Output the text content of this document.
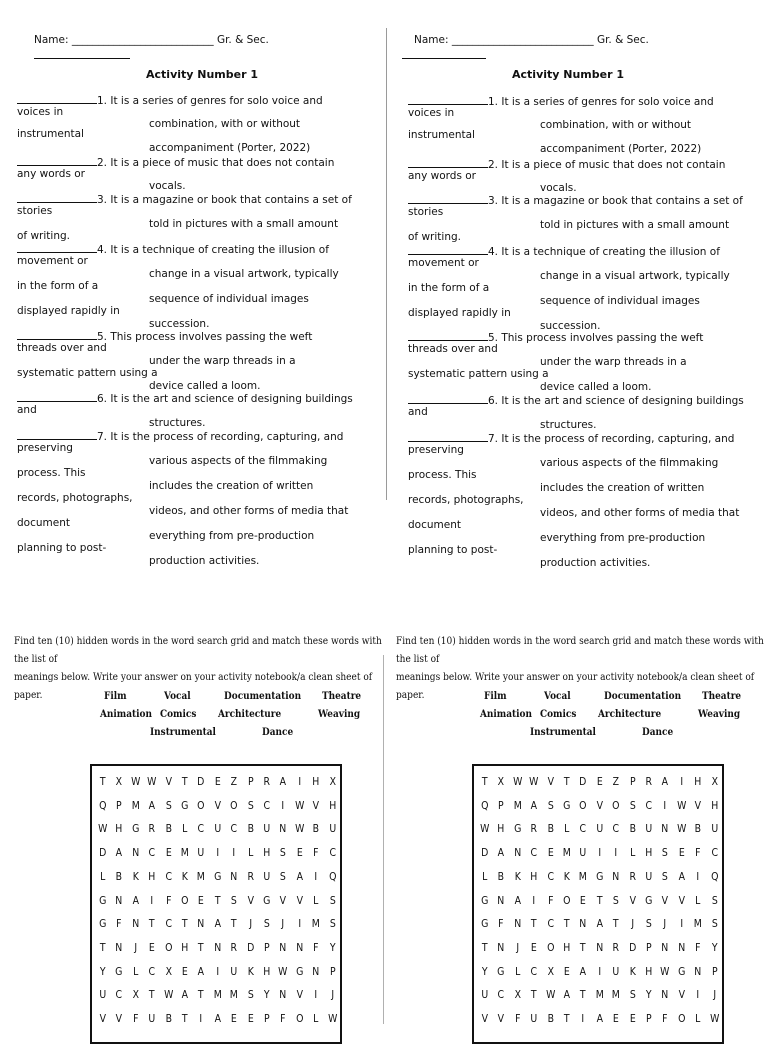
Name: ___________________________ Gr. & Sec.
Activity Number 1
1. It is a series of genres for solo voice and
voices in
instrumental
combination, with or without
accompaniment (Porter, 2022)
2. It is a piece of music that does not contain
any words or
vocals.
3. It is a magazine or book that contains a set of
stories
told in pictures with a small amount
of writing.
4. It is a technique of creating the illusion of
movement or
change in a visual artwork, typically
in the form of a
sequence of individual images
displayed rapidly in
succession.
5. This process involves passing the weft
threads over and
under the warp threads in a
systematic pattern using a
device called a loom.
6. It is the art and science of designing buildings
and
structures.
7. It is the process of recording, capturing, and
preserving
various aspects of the filmmaking
process. This
includes the creation of written
records, photographs,
videos, and other forms of media that
document
everything from pre-production
planning to post-
production activities.
Find ten (10) hidden words in the word search grid and match these words with the list of
meanings below. Write your answer on your activity notebook/a clean sheet of paper.	Film	Vocal	Documentation Theatre
Animation Comics Architecture	Weaving
Instrumental	Dance
T X W W V T D E Z P R A	I	H X
Q P M A S G O V O S C	I W V H
W H G R B L C U C B U N W B U
D A N C E M U	I	I	L H S E F C
L B K H C K M G N R U S A	I	Q
G N A	I	F O E T S V G V V L S
G F N T C T N A T	J	S	J	I M S
T N	J	E O H T N R D P N N F Y
Y G L C X E A	I	U K H W G N P
U C X T W A T M M S Y N V	I	J
V V F U B T	I	A E E P F O L W
Name: ___________________________ Gr. & Sec.
Activity Number 1
1. It is a series of genres for solo voice and
voices in
instrumental
combination, with or without
accompaniment (Porter, 2022)
2. It is a piece of music that does not contain
any words or
vocals.
3. It is a magazine or book that contains a set of
stories
told in pictures with a small amount
of writing.
4. It is a technique of creating the illusion of
movement or
change in a visual artwork, typically
in the form of a
sequence of individual images
displayed rapidly in
succession.
5. This process involves passing the weft
threads over and
under the warp threads in a
systematic pattern using a
device called a loom.
6. It is the art and science of designing buildings
and
structures.
7. It is the process of recording, capturing, and
preserving
various aspects of the filmmaking
process. This
includes the creation of written
records, photographs,
videos, and other forms of media that
document
everything from pre-production
planning to post-
production activities.
Find ten (10) hidden words in the word search grid and match these words with the list of
meanings below. Write your answer on your activity notebook/a clean sheet of paper.	Film	Vocal	Documentation Theatre
Animation Comics Architecture	Weaving
Instrumental	Dance
T X W W V T D E Z P R A	I	H X
Q P M A S G O V O S C	I W V H
W H G R B L C U C B U N W B U
D A N C E M U	I	I	L H S E F C
L B K H C K M G N R U S A	I	Q
G N A	I	F O E T S V G V V L S
G F N T C T N A T	J	S	J	I M S
T N	J	E O H T N R D P N N F Y
Y G L C X E A	I	U K H W G N P
U C X T W A T M M S Y N V	I	J
V V F U B T	I	A E E P F O L W
